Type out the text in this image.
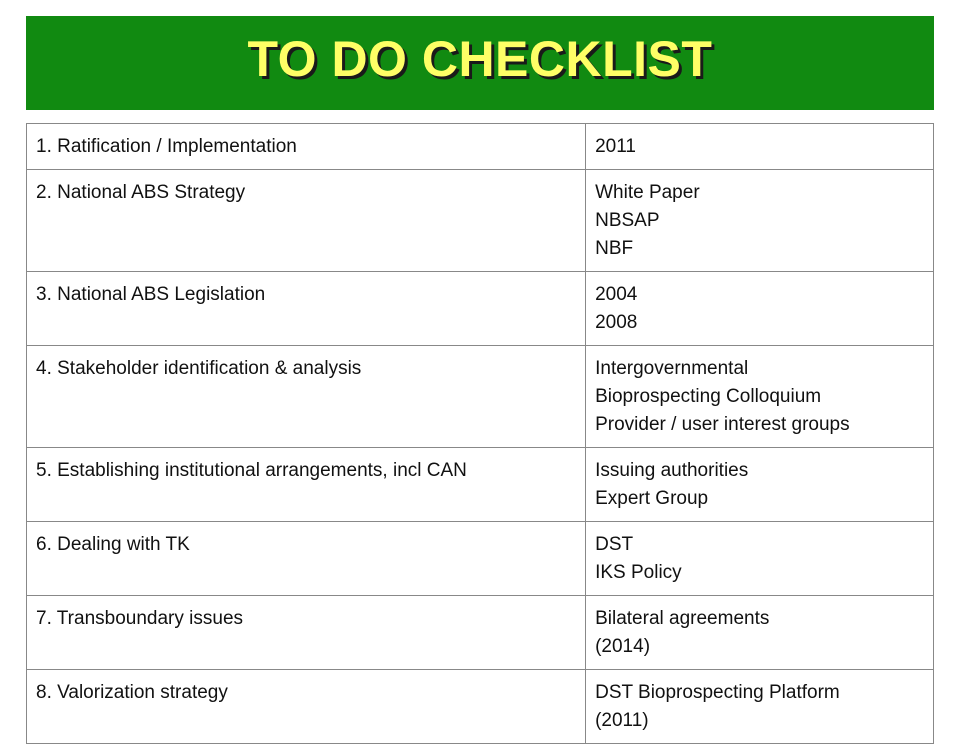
TO DO CHECKLIST
1. Ratification / Implementation	2011
2. National ABS Strategy	White Paper
NBSAP
NBF
3. National ABS Legislation	2004
2008
4. Stakeholder identification & analysis	Intergovernmental
Bioprospecting Colloquium
Provider / user interest groups
5. Establishing institutional arrangements, incl CAN	Issuing authorities
Expert Group
6. Dealing with TK	DST
IKS Policy
7. Transboundary issues	Bilateral agreements
(2014)
8. Valorization strategy	DST Bioprospecting Platform
(2011)
